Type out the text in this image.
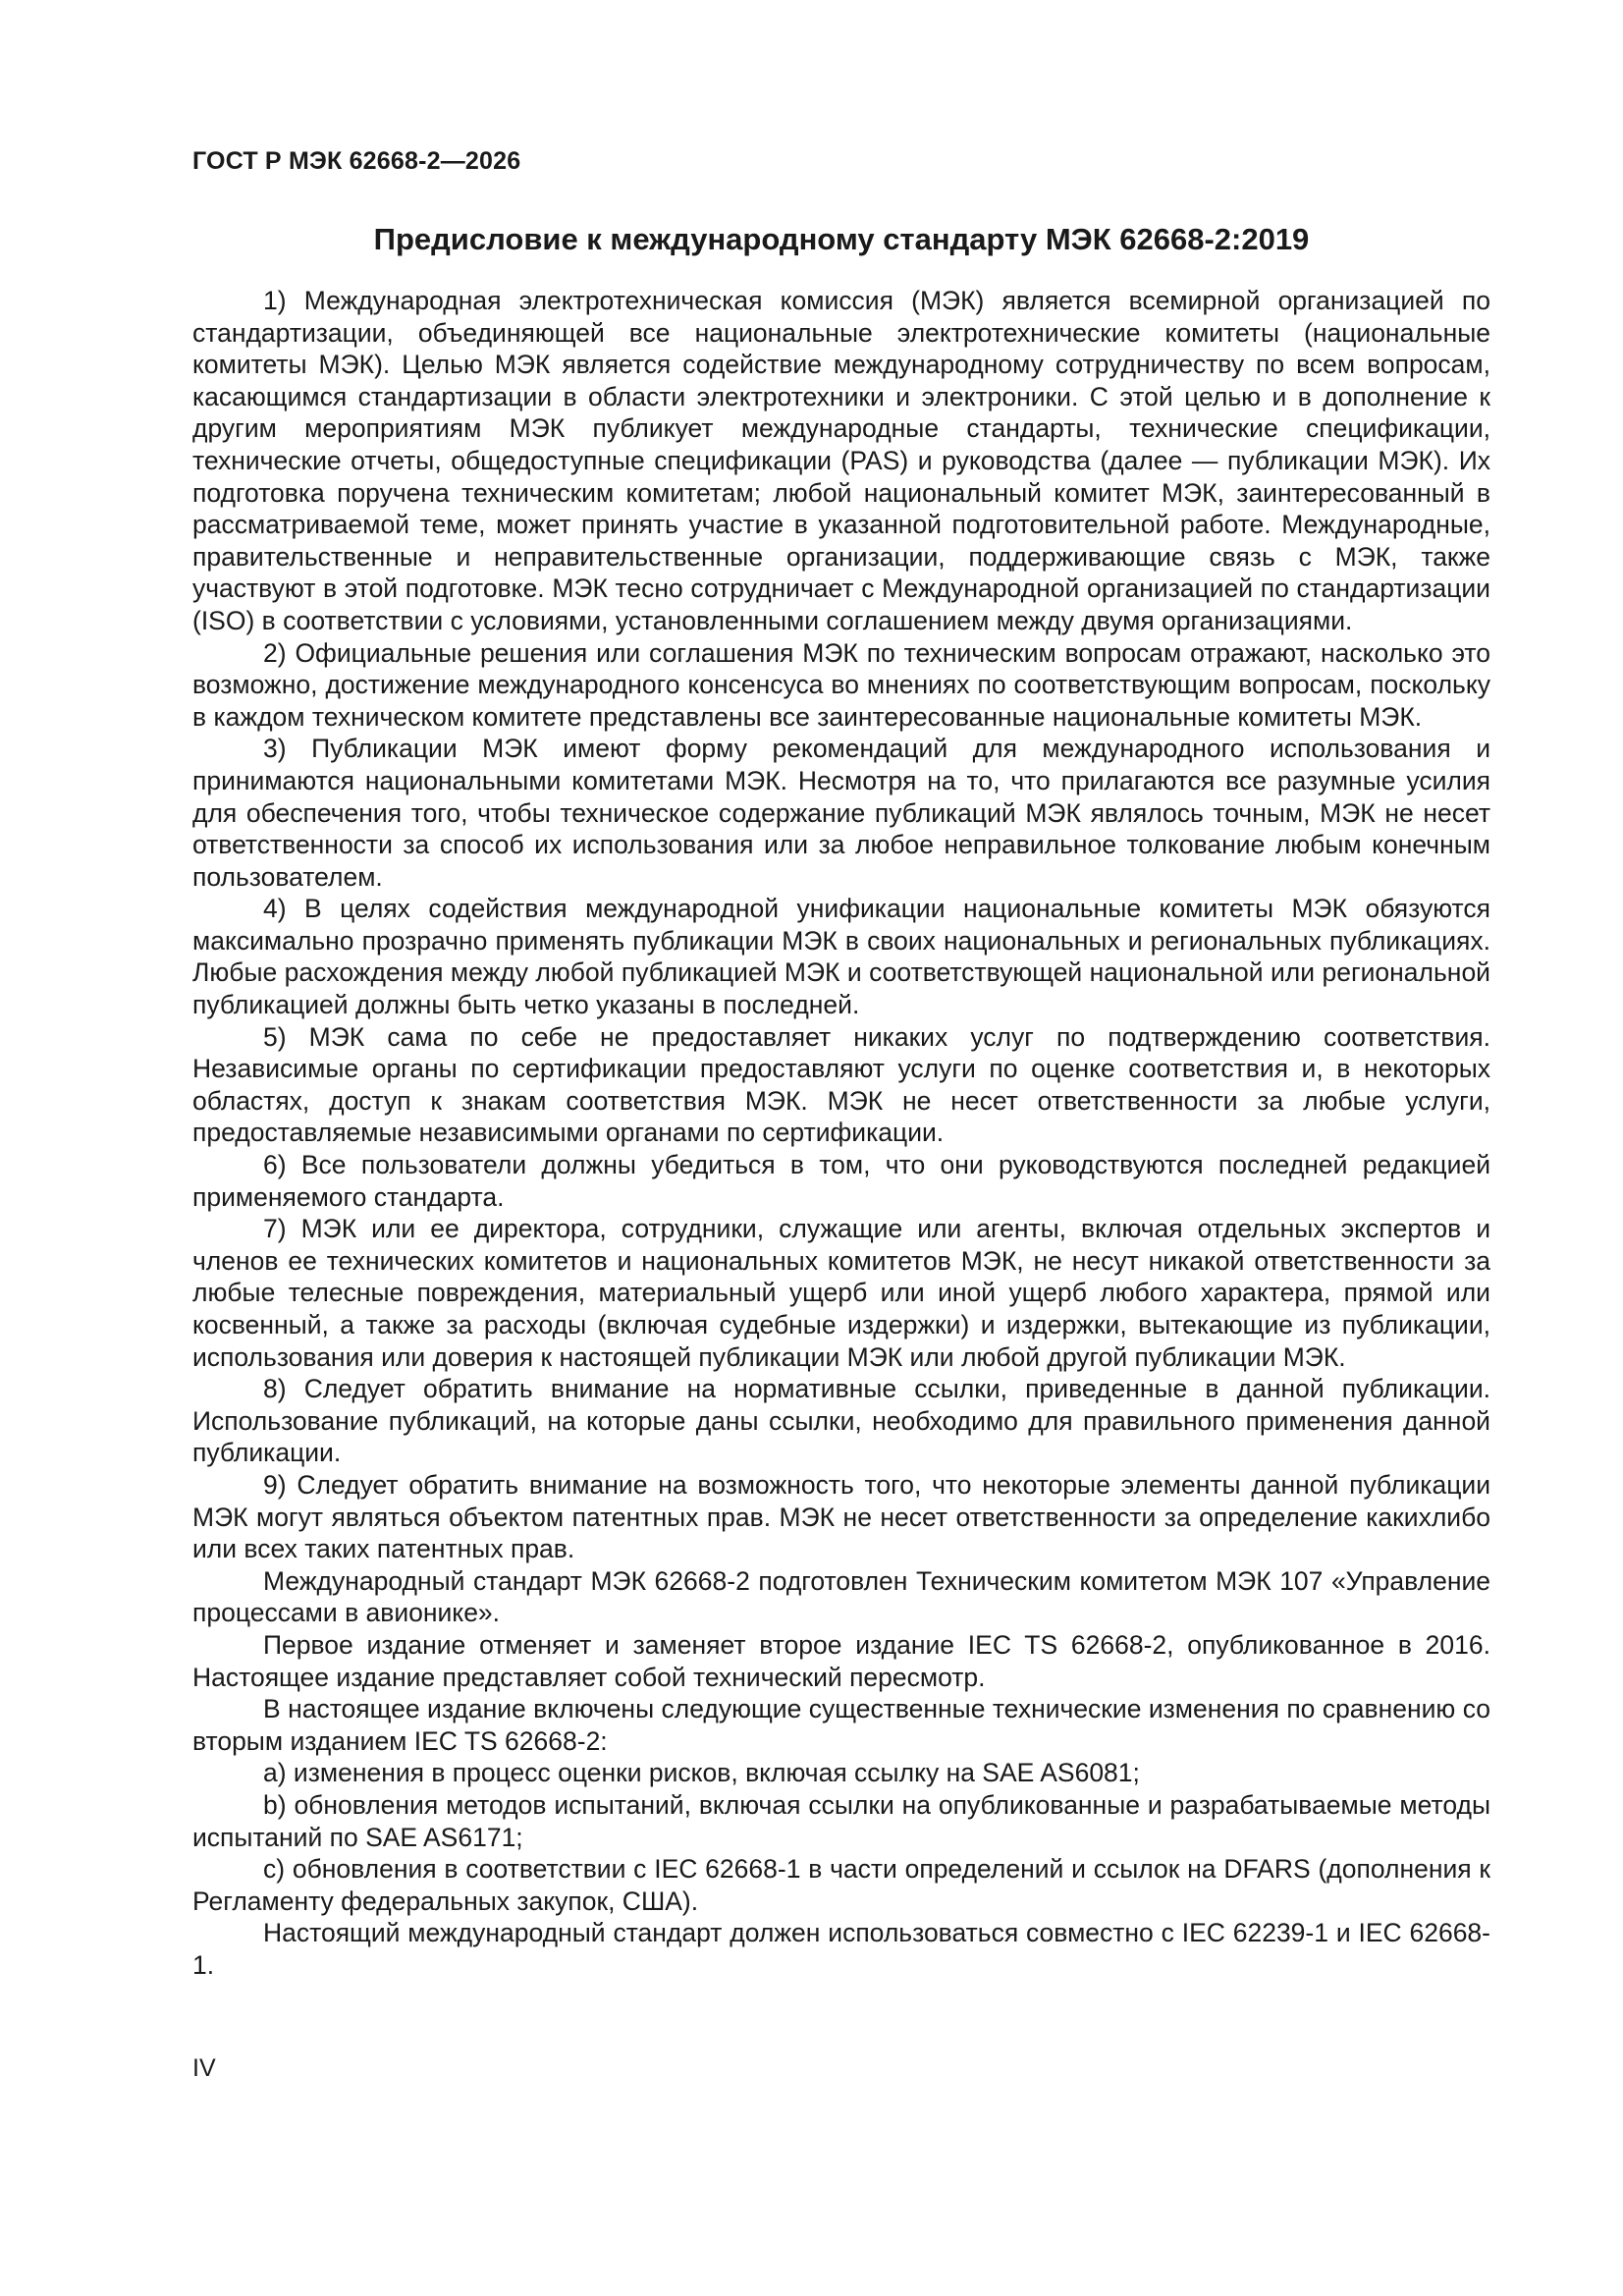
ГОСТ Р МЭК 62668-2—2026
Предисловие к международному стандарту МЭК 62668-2:2019

1) Международная электротехническая комиссия (МЭК) является всемирной организацией по стандартизации, объединяющей все национальные электротехнические комитеты (национальные комитеты МЭК). Целью МЭК является содействие международному сотрудничеству по всем вопросам, касающимся стандартизации в области электротехники и электроники. С этой целью и в дополнение к другим мероприятиям МЭК публикует международные стандарты, технические спецификации, технические отчеты, общедоступные спецификации (PAS) и руководства (далее — публикации МЭК). Их подготовка поручена техническим комитетам; любой национальный комитет МЭК, заинтересованный в рассматриваемой теме, может принять участие в указанной подготовительной работе. Международные, правительственные и неправительственные организации, поддерживающие связь с МЭК, также участвуют в этой подготовке. МЭК тесно сотрудничает с Международной организацией по стандартизации (ISO) в соответствии с условиями, установленными соглашением между двумя организациями.

2) Официальные решения или соглашения МЭК по техническим вопросам отражают, насколько это возможно, достижение международного консенсуса во мнениях по соответствующим вопросам, поскольку в каждом техническом комитете представлены все заинтересованные национальные комитеты МЭК.

3) Публикации МЭК имеют форму рекомендаций для международного использования и принимаются национальными комитетами МЭК. Несмотря на то, что прилагаются все разумные усилия для обеспечения того, чтобы техническое содержание публикаций МЭК являлось точным, МЭК не несет ответственности за способ их использования или за любое неправильное толкование любым конечным пользователем.

4) В целях содействия международной унификации национальные комитеты МЭК обязуются максимально прозрачно применять публикации МЭК в своих национальных и региональных публикациях. Любые расхождения между любой публикацией МЭК и соответствующей национальной или региональной публикацией должны быть четко указаны в последней.

5) МЭК сама по себе не предоставляет никаких услуг по подтверждению соответствия. Независимые органы по сертификации предоставляют услуги по оценке соответствия и, в некоторых областях, доступ к знакам соответствия МЭК. МЭК не несет ответственности за любые услуги, предоставляемые независимыми органами по сертификации.

6) Все пользователи должны убедиться в том, что они руководствуются последней редакцией применяемого стандарта.

7) МЭК или ее директора, сотрудники, служащие или агенты, включая отдельных экспертов и членов ее технических комитетов и национальных комитетов МЭК, не несут никакой ответственности за любые телесные повреждения, материальный ущерб или иной ущерб любого характера, прямой или косвенный, а также за расходы (включая судебные издержки) и издержки, вытекающие из публикации, использования или доверия к настоящей публикации МЭК или любой другой публикации МЭК.

8) Следует обратить внимание на нормативные ссылки, приведенные в данной публикации. Использование публикаций, на которые даны ссылки, необходимо для правильного применения данной публикации.

9) Следует обратить внимание на возможность того, что некоторые элементы данной публикации МЭК могут являться объектом патентных прав. МЭК не несет ответственности за определение какихлибо или всех таких патентных прав.

Международный стандарт МЭК 62668-2 подготовлен Техническим комитетом МЭК 107 «Управление процессами в авионике».

Первое издание отменяет и заменяет второе издание IEC TS 62668-2, опубликованное в 2016. Настоящее издание представляет собой технический пересмотр.

В настоящее издание включены следующие существенные технические изменения по сравнению со вторым изданием IEC TS 62668-2:

a) изменения в процесс оценки рисков, включая ссылку на SAE AS6081;

b) обновления методов испытаний, включая ссылки на опубликованные и разрабатываемые методы испытаний по SAE AS6171;

c) обновления в соответствии с IEC 62668-1 в части определений и ссылок на DFARS (дополнения к Регламенту федеральных закупок, США).

Настоящий международный стандарт должен использоваться совместно с IEC 62239-1 и IEC 62668-1.

IV
